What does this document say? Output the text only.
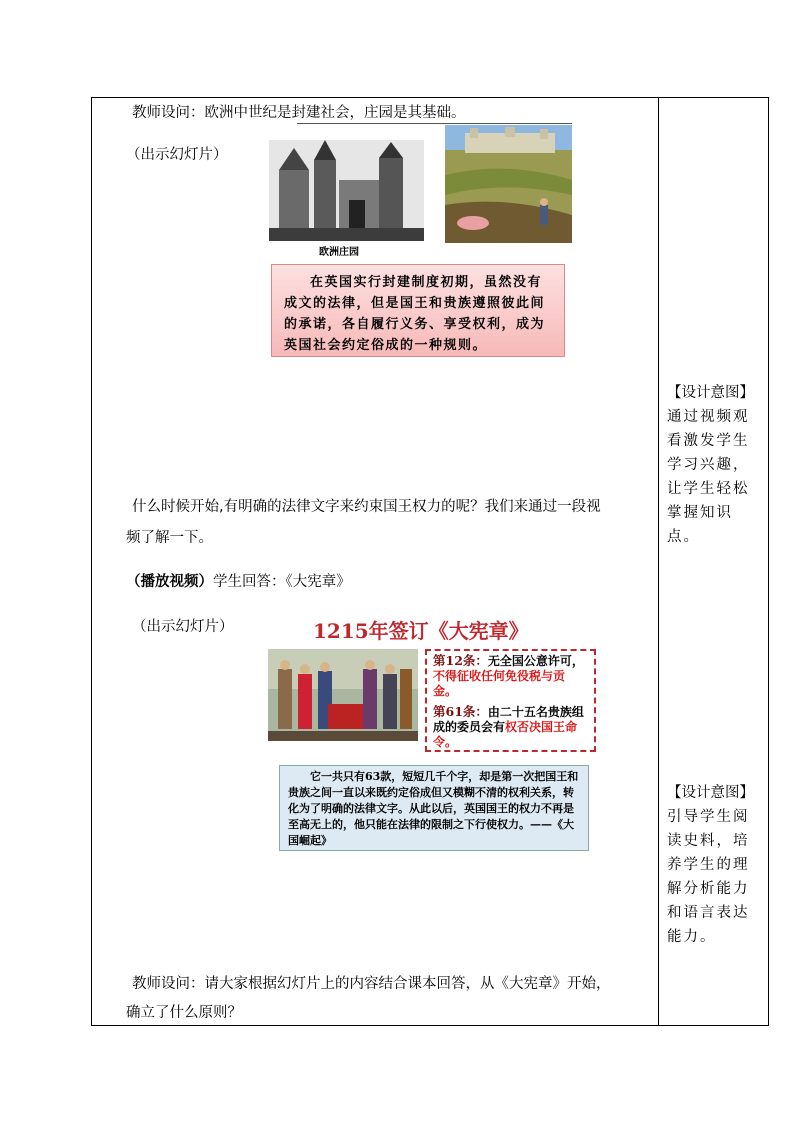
教师设问：欧洲中世纪是封建社会，庄园是其基础。
（出示幻灯片）
欧洲庄园
在英国实行封建制度初期，虽然没有成文的法律，但是国王和贵族遵照彼此间的承诺，各自履行义务、享受权利，成为英国社会约定俗成的一种规则。
什么时候开始,有明确的法律文字来约束国王权力的呢？我们来通过一段视
频了解一下。
（播放视频）学生回答：《大宪章》
（出示幻灯片）	1215年签订《大宪章》

第12条：无全国公意许可，不得征收任何免役税与贡金。

第61条：由二十五名贵族组成的委员会有权否决国王命令。

它一共只有63款，短短几千个字，却是第一次把国王和贵族之间一直以来既约定俗成但又模糊不清的权利关系，转化为了明确的法律文字。从此以后，英国国王的权力不再是至高无上的，他只能在法律的限制之下行使权力。——《大国崛起》
教师设问：请大家根据幻灯片上的内容结合课本回答，从《大宪章》开始，
确立了什么原则？
【设计意图】
通过视频观看激发学生学习兴趣，让学生轻松掌握知识点。
【设计意图】
引导学生阅读史料，培养学生的理解分析能力和语言表达能力。
